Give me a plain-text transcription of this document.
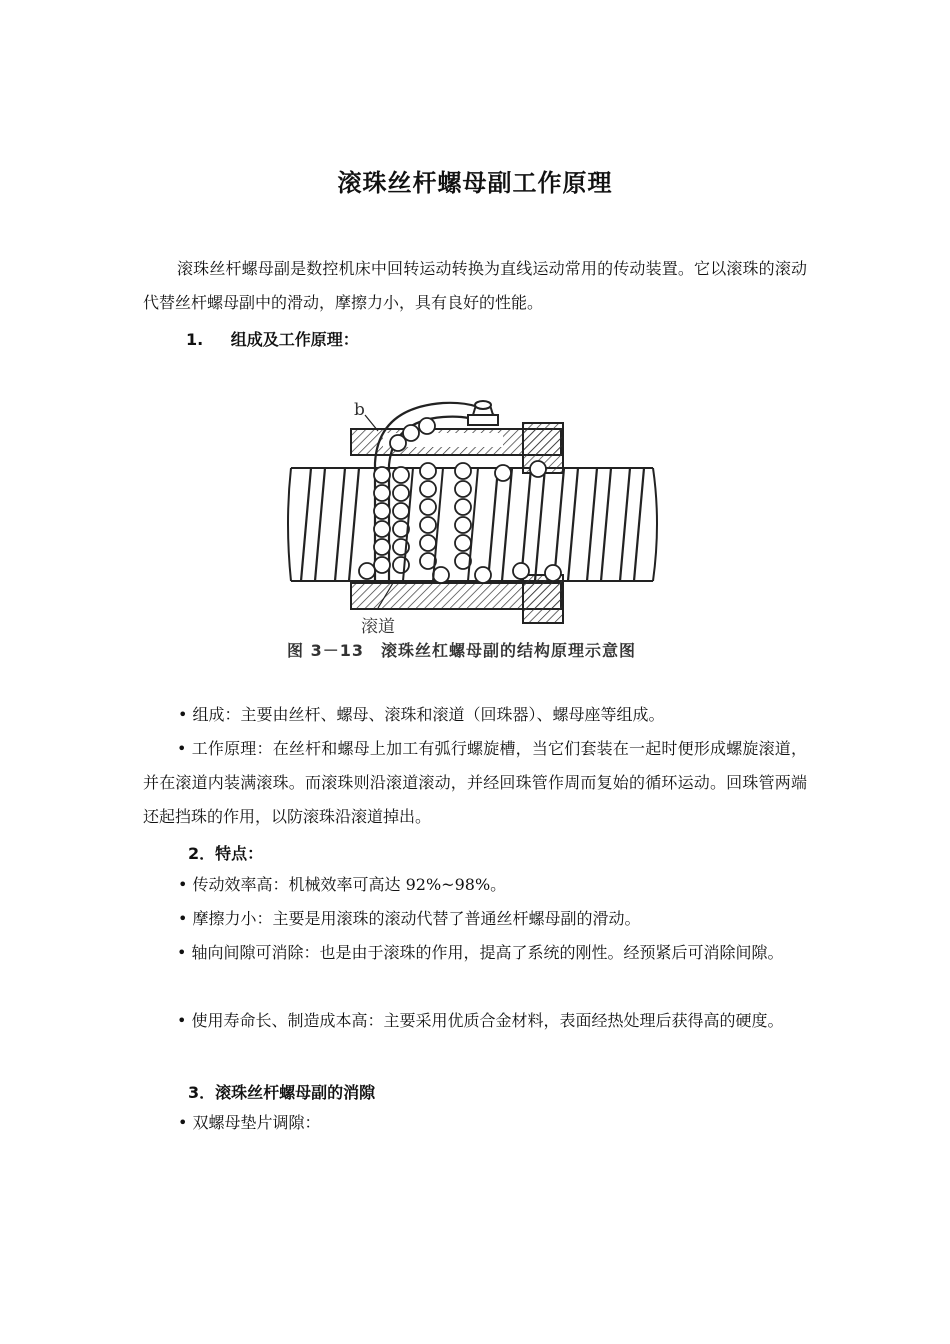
滚珠丝杆螺母副工作原理
滚珠丝杆螺母副是数控机床中回转运动转换为直线运动常用的传动装置。它以滚珠的滚动代替丝杆螺母副中的滑动，摩擦力小，具有良好的性能。
1. 组成及工作原理：
b
滚道
图 3－13　滚珠丝杠螺母副的结构原理示意图
• 组成：主要由丝杆、螺母、滚珠和滚道（回珠器）、螺母座等组成。
• 工作原理：在丝杆和螺母上加工有弧行螺旋槽，当它们套装在一起时便形成螺旋滚道，并在滚道内装满滚珠。而滚珠则沿滚道滚动，并经回珠管作周而复始的循环运动。回珠管两端还起挡珠的作用，以防滚珠沿滚道掉出。
2．特点：
• 传动效率高：机械效率可高达 92%~98%。
• 摩擦力小：主要是用滚珠的滚动代替了普通丝杆螺母副的滑动。
• 轴向间隙可消除：也是由于滚珠的作用，提高了系统的刚性。经预紧后可消除间隙。
• 使用寿命长、制造成本高：主要采用优质合金材料，表面经热处理后获得高的硬度。
3．滚珠丝杆螺母副的消隙
• 双螺母垫片调隙：
